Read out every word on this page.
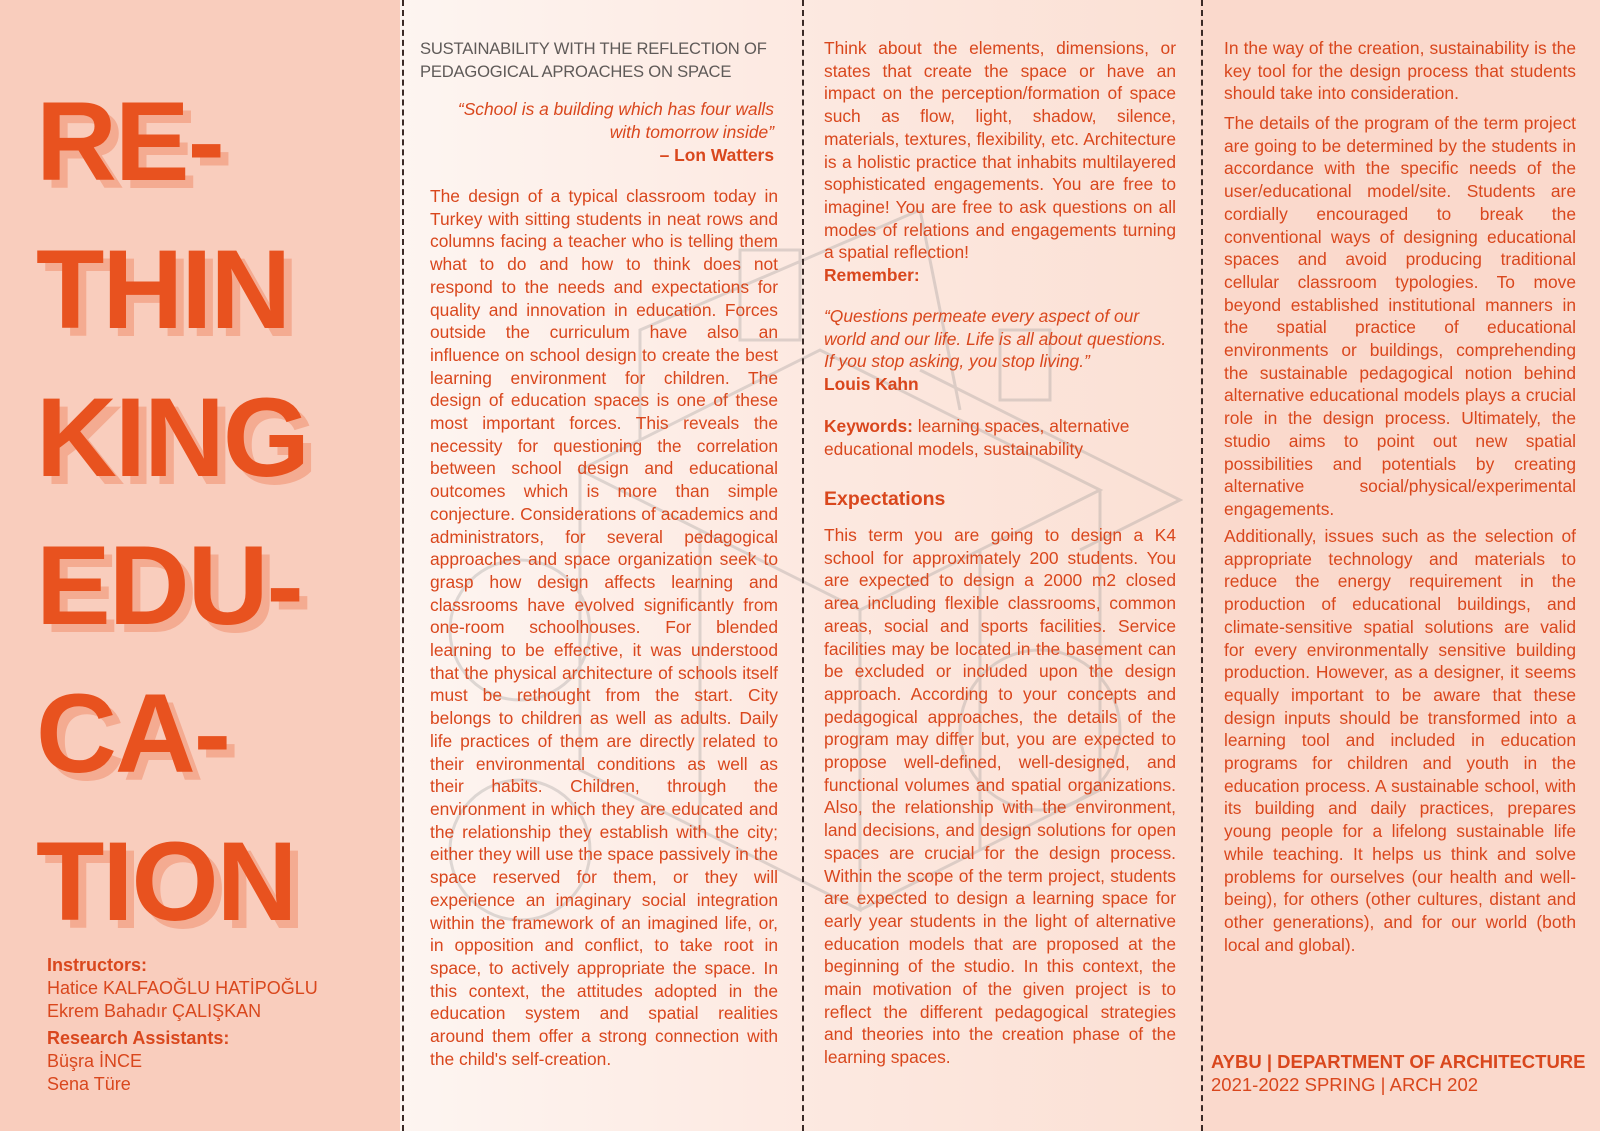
RE-
THIN
KING
EDU-
CA-
TION
Instructors:
Hatice KALFAOĞLU HATİPOĞLU
Ekrem Bahadır ÇALIŞKAN
Research Assistants:
Büşra İNCE
Sena Türe
SUSTAINABILITY WITH THE REFLECTION OF PEDAGOGICAL APROACHES ON SPACE
“School is a building which has four walls with tomorrow inside”
– Lon Watters
The design of a typical classroom today in Turkey with sitting students in neat rows and columns facing a teacher who is telling them what to do and how to think does not respond to the needs and expectations for quality and innovation in education. Forces outside the curriculum have also an influence on school design to create the best learning environment for children. The design of education spaces is one of these most important forces. This reveals the necessity for questioning the correlation between school design and educational outcomes which is more than simple conjecture. Considerations of academics and administrators, for several pedagogical approaches and space organization seek to grasp how design affects learning and classrooms have evolved significantly from one-room schoolhouses. For blended learning to be effective, it was understood that the physical architecture of schools itself must be rethought from the start. City belongs to children as well as adults. Daily life practices of them are directly related to their environmental conditions as well as their habits. Children, through the environment in which they are educated and the relationship they establish with the city; either they will use the space passively in the space reserved for them, or they will experience an imaginary social integration within the framework of an imagined life, or, in opposition and conflict, to take root in space, to actively appropriate the space. In this context, the attitudes adopted in the education system and spatial realities around them offer a strong connection with the child's self-creation.
Think about the elements, dimensions, or states that create the space or have an impact on the perception/formation of space such as flow, light, shadow, silence, materials, textures, flexibility, etc. Architecture is a holistic practice that inhabits multilayered sophisticated engagements. You are free to imagine! You are free to ask questions on all modes of relations and engagements turning a spatial reflection!
Remember:
“Questions permeate every aspect of our world and our life. Life is all about questions. If you stop asking, you stop living.”
Louis Kahn
Keywords: learning spaces, alternative educational models, sustainability
Expectations
This term you are going to design a K4 school for approximately 200 students. You are expected to design a 2000 m2 closed area including flexible classrooms, common areas, social and sports facilities. Service facilities may be located in the basement can be excluded or included upon the design approach. According to your concepts and pedagogical approaches, the details of the program may differ but, you are expected to propose well-defined, well-designed, and functional volumes and spatial organizations. Also, the relationship with the environment, land decisions, and design solutions for open spaces are crucial for the design process. Within the scope of the term project, students are expected to design a learning space for early year students in the light of alternative education models that are proposed at the beginning of the studio. In this context, the main motivation of the given project is to reflect the different pedagogical strategies and theories into the creation phase of the learning spaces.
In the way of the creation, sustainability is the key tool for the design process that students should take into consideration.
The details of the program of the term project are going to be determined by the students in accordance with the specific needs of the user/educational model/site. Students are cordially encouraged to break the conventional ways of designing educational spaces and avoid producing traditional cellular classroom typologies. To move beyond established institutional manners in the spatial practice of educational environments or buildings, comprehending the sustainable pedagogical notion behind alternative educational models plays a crucial role in the design process. Ultimately, the studio aims to point out new spatial possibilities and potentials by creating alternative social/physical/experimental engagements.
Additionally, issues such as the selection of appropriate technology and materials to reduce the energy requirement in the production of educational buildings, and climate-sensitive spatial solutions are valid for every environmentally sensitive building production. However, as a designer, it seems equally important to be aware that these design inputs should be transformed into a learning tool and included in education programs for children and youth in the education process. A sustainable school, with its building and daily practices, prepares young people for a lifelong sustainable life while teaching. It helps us think and solve problems for ourselves (our health and well-being), for others (other cultures, distant and other generations), and for our world (both local and global).
AYBU | DEPARTMENT OF ARCHITECTURE
2021-2022 SPRING | ARCH 202
